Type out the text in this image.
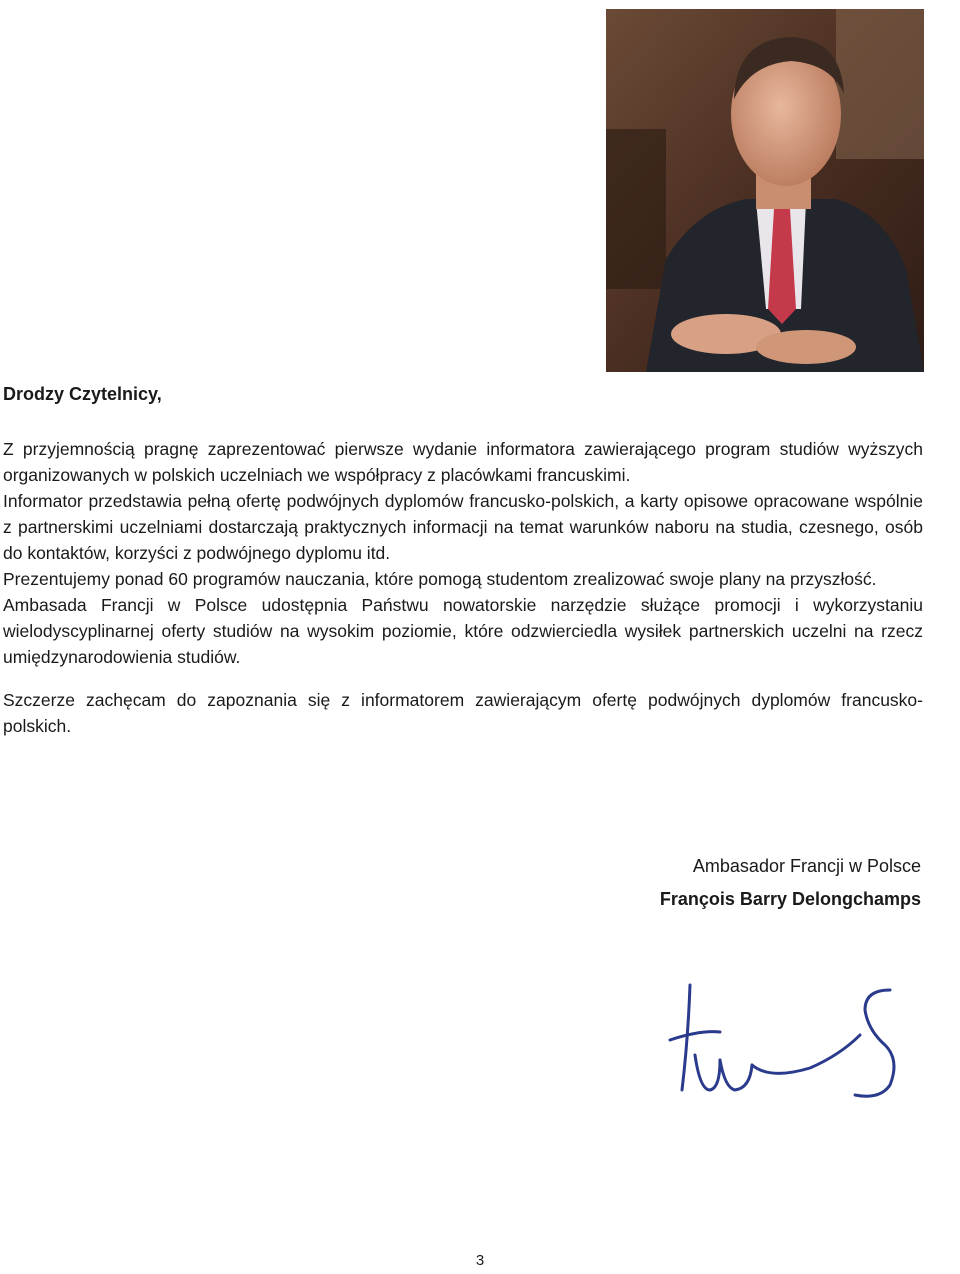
Drodzy Czytelnicy,

Z przyjemnością pragnę zaprezentować pierwsze wydanie informatora zawierającego program studiów wyższych organizowanych w polskich uczelniach we współpracy z placówkami francuskimi.

Informator przedstawia pełną ofertę podwójnych dyplomów francusko-polskich, a karty opisowe opracowane wspólnie z partnerskimi uczelniami dostarczają praktycznych informacji na temat warunków naboru na studia, czesnego, osób do kontaktów, korzyści z podwójnego dyplomu itd.

Prezentujemy ponad 60 programów nauczania, które pomogą studentom zrealizować swoje plany na przyszłość.

Ambasada Francji w Polsce udostępnia Państwu nowatorskie narzędzie służące promocji i wykorzystaniu wielodyscyplinarnej oferty studiów na wysokim poziomie, które odzwierciedla wysiłek partnerskich uczelni na rzecz umiędzynarodowienia studiów.

Szczerze zachęcam do zapoznania się z informatorem zawierającym ofertę podwójnych dyplomów francusko-polskich.

Ambasador Francji w Polsce

François Barry Delongchamps

3
